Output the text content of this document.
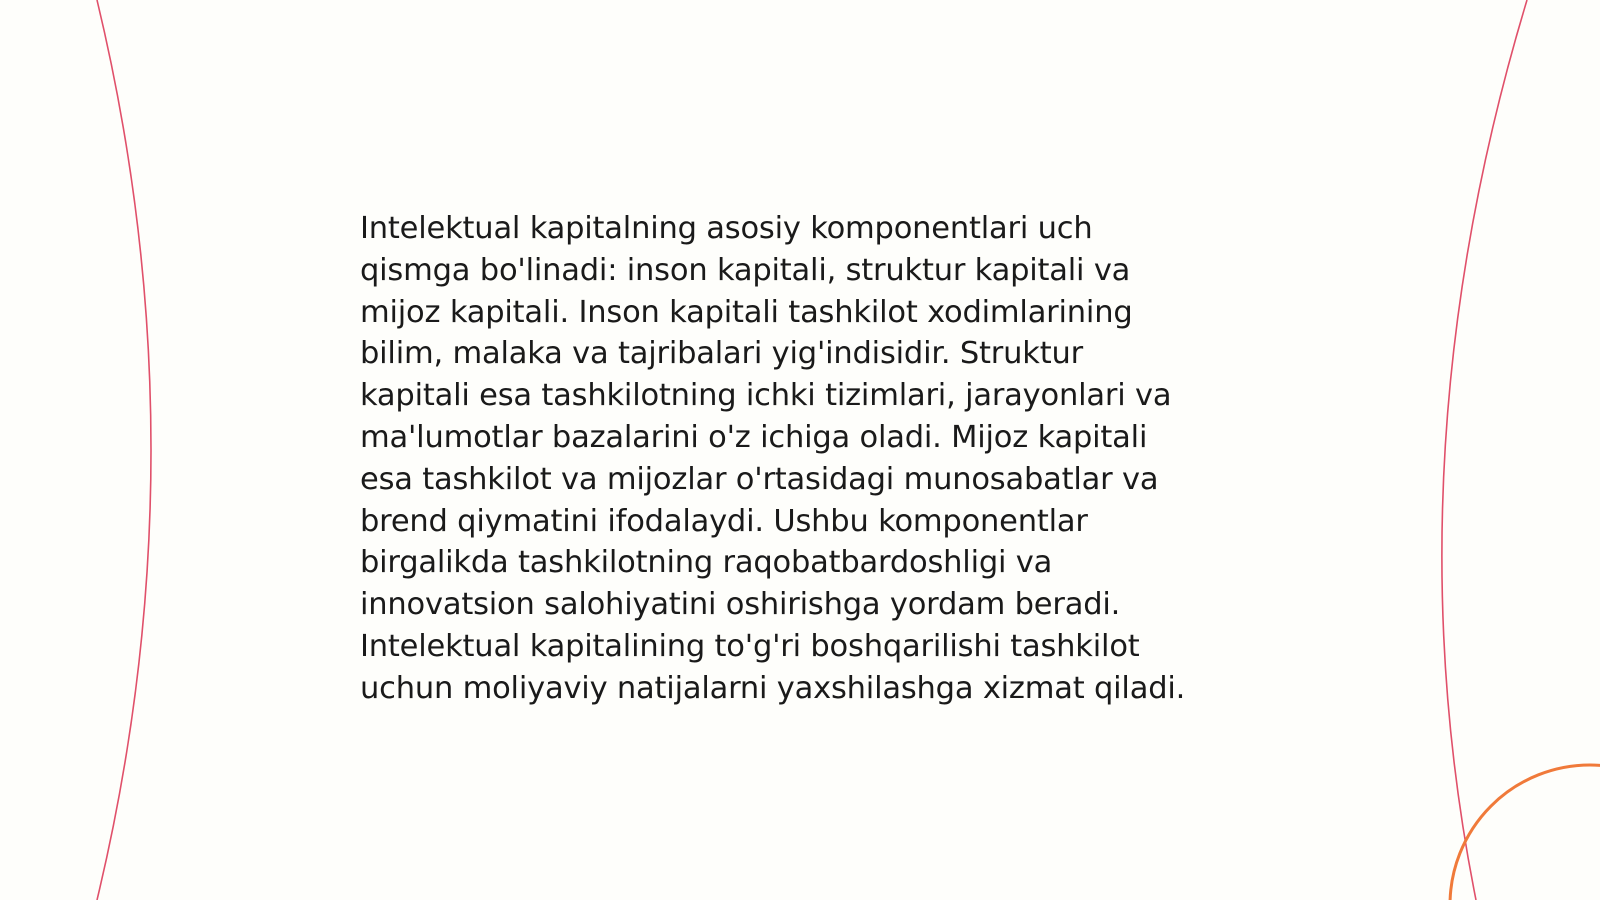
Intelektual kapitalning asosiy komponentlari uch
qismga bo'linadi: inson kapitali, struktur kapitali va
mijoz kapitali. Inson kapitali tashkilot xodimlarining
bilim, malaka va tajribalari yig'indisidir. Struktur
kapitali esa tashkilotning ichki tizimlari, jarayonlari va
ma'lumotlar bazalarini o'z ichiga oladi. Mijoz kapitali
esa tashkilot va mijozlar o'rtasidagi munosabatlar va
brend qiymatini ifodalaydi. Ushbu komponentlar
birgalikda tashkilotning raqobatbardoshligi va
innovatsion salohiyatini oshirishga yordam beradi.
Intelektual kapitalining to'g'ri boshqarilishi tashkilot
uchun moliyaviy natijalarni yaxshilashga xizmat qiladi.
